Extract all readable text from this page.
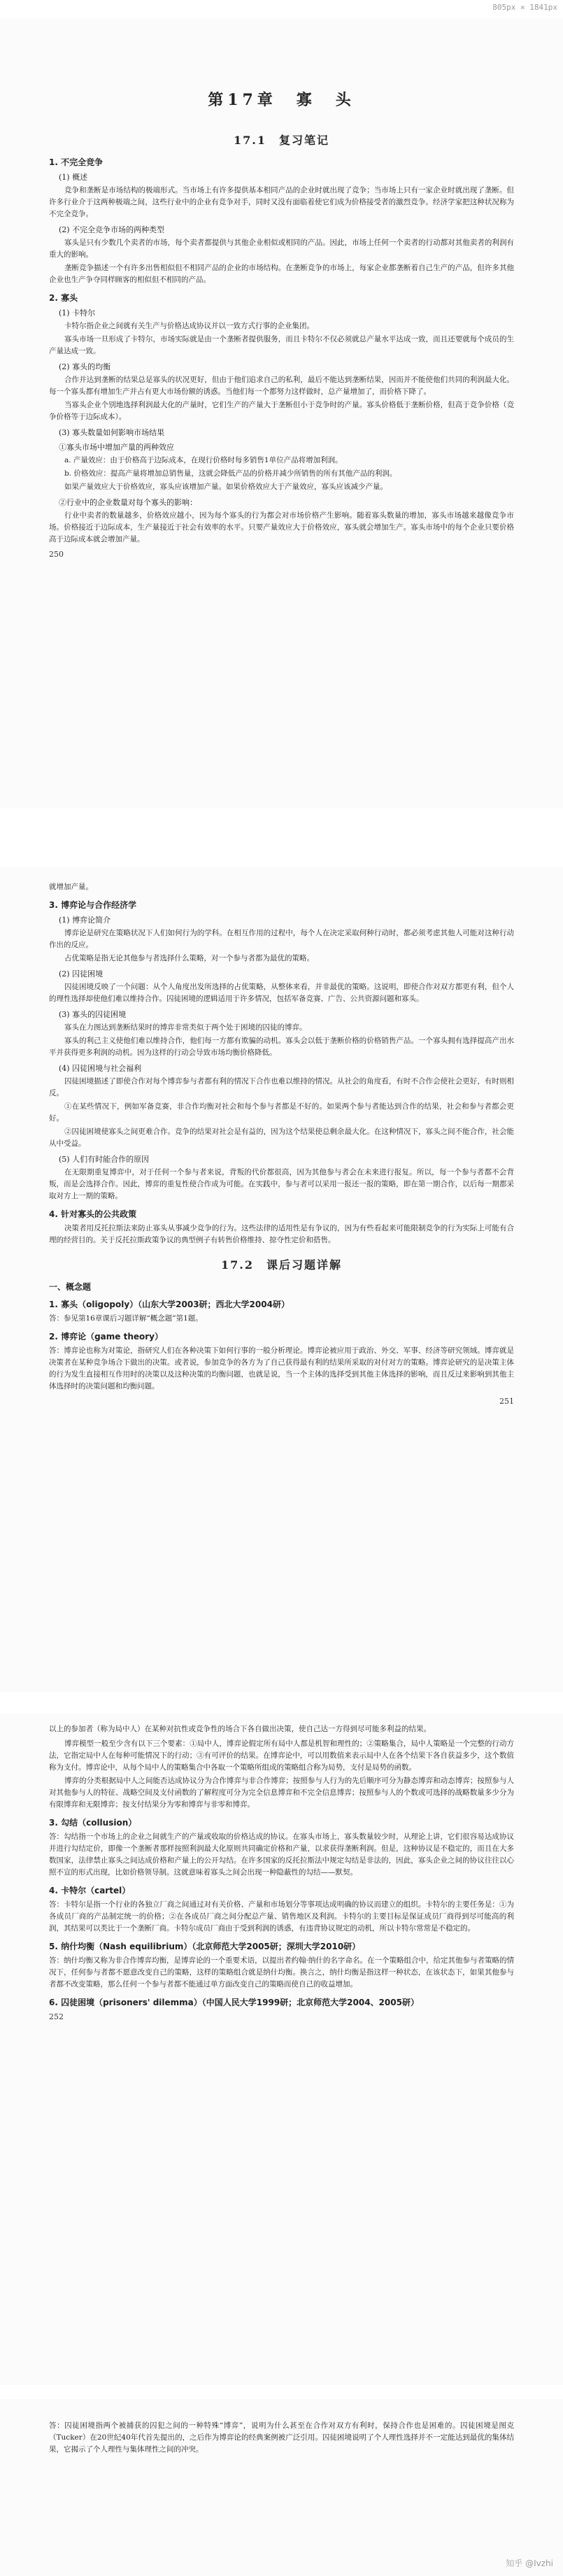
805px × 1841px
第17章　寡　头
17.1　复习笔记
1. 不完全竞争
(1) 概述

竞争和垄断是市场结构的极端形式。当市场上有许多提供基本相同产品的企业时就出现了竞争；当市场上只有一家企业时就出现了垄断。但许多行业介于这两种极端之间，这些行业中的企业有竞争对手，同时又没有面临着使它们成为价格接受者的激烈竞争。经济学家把这种状况称为不完全竞争。

(2) 不完全竞争市场的两种类型

寡头是只有少数几个卖者的市场，每个卖者都提供与其他企业相似或相同的产品。因此，市场上任何一个卖者的行动都对其他卖者的利润有重大的影响。

垄断竞争描述一个有许多出售相似但不相同产品的企业的市场结构。在垄断竞争的市场上，每家企业都垄断着自己生产的产品，但许多其他企业也生产争夺同样顾客的相似但不相同的产品。

2. 寡头
(1) 卡特尔

卡特尔指企业之间就有关生产与价格达成协议并以一致方式行事的企业集团。

寡头市场一旦形成了卡特尔，市场实际就是由一个垄断者提供服务，而且卡特尔不仅必须就总产量水平达成一致，而且还要就每个成员的生产量达成一致。

(2) 寡头的均衡

合作并达到垄断的结果总是寡头的状况更好，但由于他们追求自己的私利，最后不能达到垄断结果，因而并不能使他们共同的利润最大化。每一个寡头都有增加生产并占有更大市场份额的诱惑。当他们每一个都努力这样做时，总产量增加了，而价格下降了。

当寡头企业个别地选择利润最大化的产量时，它们生产的产量大于垄断但小于竞争时的产量。寡头价格低于垄断价格，但高于竞争价格（竞争价格等于边际成本）。

(3) 寡头数量如何影响市场结果
①寡头市场中增加产量的两种效应

a. 产量效应：由于价格高于边际成本，在现行价格时每多销售1单位产品将增加利润。

b. 价格效应：提高产量将增加总销售量，这就会降低产品的价格并减少所销售的所有其他产品的利润。

如果产量效应大于价格效应，寡头应该增加产量。如果价格效应大于产量效应，寡头应该减少产量。

②行业中的企业数量对每个寡头的影响：

行业中卖者的数量越多，价格效应越小，因为每个寡头的行为都会对市场价格产生影响。随着寡头数量的增加，寡头市场越来越像竞争市场。价格接近于边际成本，生产量接近于社会有效率的水平。只要产量效应大于价格效应，寡头就会增加生产。寡头市场中的每个企业只要价格高于边际成本就会增加产量。

250

就增加产量。

3. 博弈论与合作经济学
(1) 博弈论简介

博弈论是研究在策略状况下人们如何行为的学科。在相互作用的过程中，每个人在决定采取何种行动时，都必须考虑其他人可能对这种行动作出的反应。

占优策略是指无论其他参与者选择什么策略，对一个参与者都为最优的策略。

(2) 囚徒困境

囚徒困境反映了一个问题：从个人角度出发所选择的占优策略，从整体来看，并非最优的策略。这说明，即使合作对双方都更有利，但个人的理性选择却使他们难以维持合作。囚徒困境的逻辑适用于许多情况，包括军备竞赛、广告、公共资源问题和寡头。

(3) 寡头的囚徒困境

寡头在力图达到垄断结果时的博弈非常类似于两个处于困境的囚徒的博弈。

寡头的利己主义使他们难以维持合作，他们每一方都有欺骗的动机。寡头会以低于垄断价格的价格销售产品。一个寡头拥有选择提高产出水平并获得更多利润的动机。因为这样的行动会导致市场均衡价格降低。

(4) 囚徒困境与社会福利

囚徒困境描述了即使合作对每个博弈参与者都有利的情况下合作也难以维持的情况。从社会的角度看，有时不合作会使社会更好，有时则相反。

①在某些情况下，例如军备竞赛，非合作均衡对社会和每个参与者都是不好的。如果两个参与者能达到合作的结果，社会和参与者都会更好。

②囚徒困境使寡头之间更难合作。竞争的结果对社会是有益的，因为这个结果使总剩余最大化。在这种情况下，寡头之间不能合作，社会能从中受益。

(5) 人们有时能合作的原因

在无限期重复博弈中，对于任何一个参与者来说，背叛的代价都很高，因为其他参与者会在未来进行报复。所以，每一个参与者都不会背叛，而是会选择合作。因此，博弈的重复性使合作成为可能。在实践中，参与者可以采用一报还一报的策略，即在第一期合作，以后每一期都采取对方上一期的策略。

4. 针对寡头的公共政策

决策者用反托拉斯法来防止寡头从事减少竞争的行为。这些法律的适用性是有争议的，因为有些看起来可能限制竞争的行为实际上可能有合理的经营目的。关于反托拉斯政策争议的典型例子有转售价格维持、掠夺性定价和搭售。

17.2　课后习题详解
一、概念题
1. 寡头（oligopoly）（山东大学2003研；西北大学2004研）

答：参见第16章课后习题详解“概念题”第1题。

2. 博弈论（game theory）

答：博弈论也称为对策论，指研究人们在各种决策下如何行事的一般分析理论。博弈论被应用于政治、外交、军事、经济等研究领域。博弈就是决策者在某种竞争场合下做出的决策。或者说，参加竞争的各方为了自己获得最有利的结果所采取的对付对方的策略。博弈论研究的是决策主体的行为发生直接相互作用时的决策以及这种决策的均衡问题，也就是说，当一个主体的选择受到其他主体选择的影响，而且反过来影响到其他主体选择时的决策问题和均衡问题。

251

以上的参加者（称为局中人）在某种对抗性或竞争性的场合下各自做出决策，使自己达一方得到尽可能多利益的结果。

博弈模型一般至少含有以下三个要素：①局中人，博弈论假定所有局中人都是机智和理性的；②策略集合，局中人策略是一个完整的行动方法，它指定局中人在每种可能情况下的行动；③有可评价的结果。在博弈论中，可以用数值来表示局中人在各个结果下各自获益多少，这个数值称为支付。博弈论中，从每个局中人的策略集合中各取一个策略所组成的策略组合称为局势，支付是局势的函数。

博弈的分类根据局中人之间能否达成协议分为合作博弈与非合作博弈；按照参与人行为的先后顺序可分为静态博弈和动态博弈；按照参与人对其他参与人的特征、战略空间及支付函数的了解程度可分为完全信息博弈和不完全信息博弈；按照参与人的个数或可选择的战略数量多少分为有限博弈和无限博弈；按支付结果分为零和博弈与非零和博弈。

3. 勾结（collusion）

答：勾结指一个市场上的企业之间就生产的产量或收取的价格达成的协议。在寡头市场上，寡头数量较少时，从理论上讲，它们很容易达成协议并进行勾结定价，即像一个垄断者那样按照利润最大化原则共同确定价格和产量，以求获得垄断利润。但是，这种协议是不稳定的，而且在大多数国家，法律禁止寡头之间达成价格和产量上的公开勾结。在许多国家的反托拉斯法中规定勾结是非法的，因此，寡头企业之间的协议往往以心照不宣的形式出现，比如价格领导制。这就意味着寡头之间会出现一种隐蔽性的勾结——默契。

4. 卡特尔（cartel）

答：卡特尔是指一个行业的各独立厂商之间通过对有关价格、产量和市场划分等事项达成明确的协议而建立的组织。卡特尔的主要任务是：①为各成员厂商的产品制定统一的价格；②在各成员厂商之间分配总产量、销售地区及利润。卡特尔的主要目标是保证成员厂商得到尽可能高的利润，其结果可以类比于一个垄断厂商。卡特尔成员厂商由于受到利润的诱惑，有违背协议规定的动机，所以卡特尔常常是不稳定的。

5. 纳什均衡（Nash equilibrium）（北京师范大学2005研；深圳大学2010研）

答：纳什均衡又称为非合作博弈均衡，是博弈论的一个重要术语，以提出者约翰·纳什的名字命名。在一个策略组合中，给定其他参与者策略的情况下，任何参与者都不愿意改变自己的策略，这样的策略组合就是纳什均衡。换言之，纳什均衡是指这样一种状态，在该状态下，如果其他参与者都不改变策略，那么任何一个参与者都不能通过单方面改变自己的策略而使自己的收益增加。

6. 囚徒困境（prisoners' dilemma）（中国人民大学1999研；北京师范大学2004、2005研）
252

答：囚徒困境指两个被捕获的囚犯之间的一种特殊“博弈”，说明为什么甚至在合作对双方有利时，保持合作也是困难的。囚徒困境是图克（Tucker）在20世纪40年代首先提出的，之后作为博弈论的经典案例被广泛引用。囚徒困境说明了个人理性选择并不一定能达到最优的集体结果，它揭示了个人理性与集体理性之间的冲突。

知乎 @Ivzhi
